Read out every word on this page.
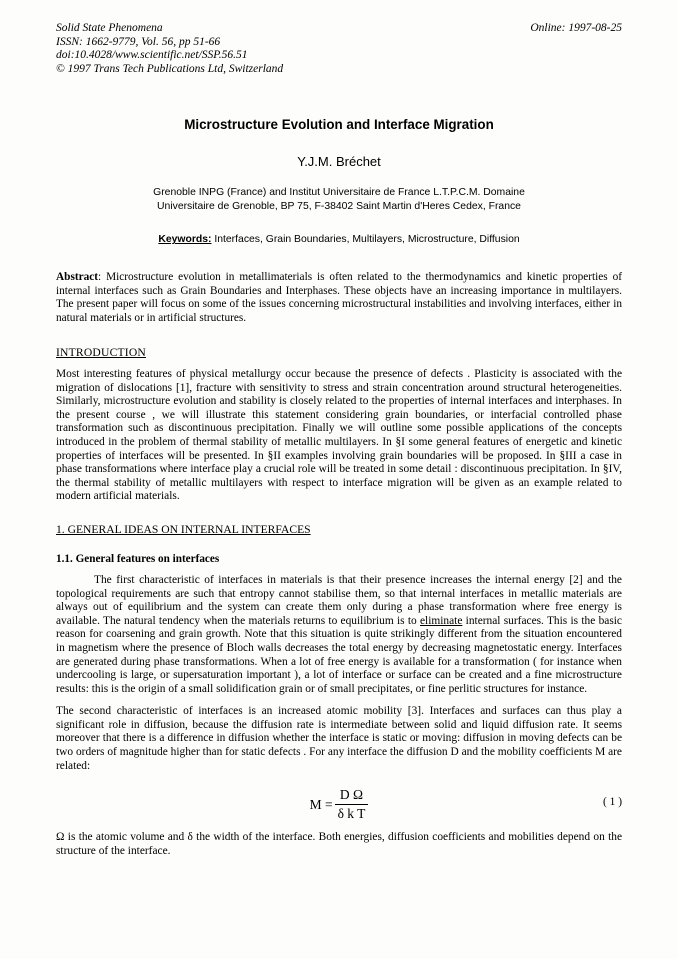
Solid State Phenomena
ISSN: 1662-9779, Vol. 56, pp 51-66
doi:10.4028/www.scientific.net/SSP.56.51
© 1997 Trans Tech Publications Ltd, Switzerland
Online: 1997-08-25
Microstructure Evolution and Interface Migration
Y.J.M. Bréchet
Grenoble INPG (France) and Institut Universitaire de France L.T.P.C.M. Domaine
Universitaire de Grenoble, BP 75, F-38402 Saint Martin d'Heres Cedex, France
Keywords: Interfaces, Grain Boundaries, Multilayers, Microstructure, Diffusion
Abstract: Microstructure evolution in metallimaterials is often related to the thermodynamics and kinetic properties of internal interfaces such as Grain Boundaries and Interphases. These objects have an increasing importance in multilayers. The present paper will focus on some of the issues concerning microstructural instabilities and involving interfaces, either in natural materials or in artificial structures.
INTRODUCTION

Most interesting features of physical metallurgy occur because the presence of defects . Plasticity is associated with the migration of dislocations [1], fracture with sensitivity to stress and strain concentration around structural heterogeneities. Similarly, microstructure evolution and stability is closely related to the properties of internal interfaces and interphases. In the present course , we will illustrate this statement considering grain boundaries, or interfacial controlled phase transformation such as discontinuous precipitation. Finally we will outline some possible applications of the concepts introduced in the problem of thermal stability of metallic multilayers. In §I some general features of energetic and kinetic properties of interfaces will be presented. In §II examples involving grain boundaries will be proposed. In §III a case in phase transformations where interface play a crucial role will be treated in some detail : discontinuous precipitation. In §IV, the thermal stability of metallic multilayers with respect to interface migration will be given as an example related to modern artificial materials.

1. GENERAL IDEAS ON INTERNAL INTERFACES
1.1. General features on interfaces

The first characteristic of interfaces in materials is that their presence increases the internal energy [2] and the topological requirements are such that entropy cannot stabilise them, so that internal interfaces in metallic materials are always out of equilibrium and the system can create them only during a phase transformation where free energy is available. The natural tendency when the materials returns to equilibrium is to eliminate internal surfaces. This is the basic reason for coarsening and grain growth. Note that this situation is quite strikingly different from the situation encountered in magnetism where the presence of Bloch walls decreases the total energy by decreasing magnetostatic energy. Interfaces are generated during phase transformations. When a lot of free energy is available for a transformation ( for instance when undercooling is large, or supersaturation important ), a lot of interface or surface can be created and a fine microstructure results: this is the origin of a small solidification grain or of small precipitates, or fine perlitic structures for instance.

The second characteristic of interfaces is an increased atomic mobility [3]. Interfaces and surfaces can thus play a significant role in diffusion, because the diffusion rate is intermediate between solid and liquid diffusion rate. It seems moreover that there is a difference in diffusion whether the interface is static or moving: diffusion in moving defects can be two orders of magnitude higher than for static defects . For any interface the diffusion D and the mobility coefficients M are related:

$M = \frac{\text{D Ω}}{\text{δ k T}}$	( 1 )

Ω is the atomic volume and δ the width of the interface. Both energies, diffusion coefficients and mobilities depend on the structure of the interface.
